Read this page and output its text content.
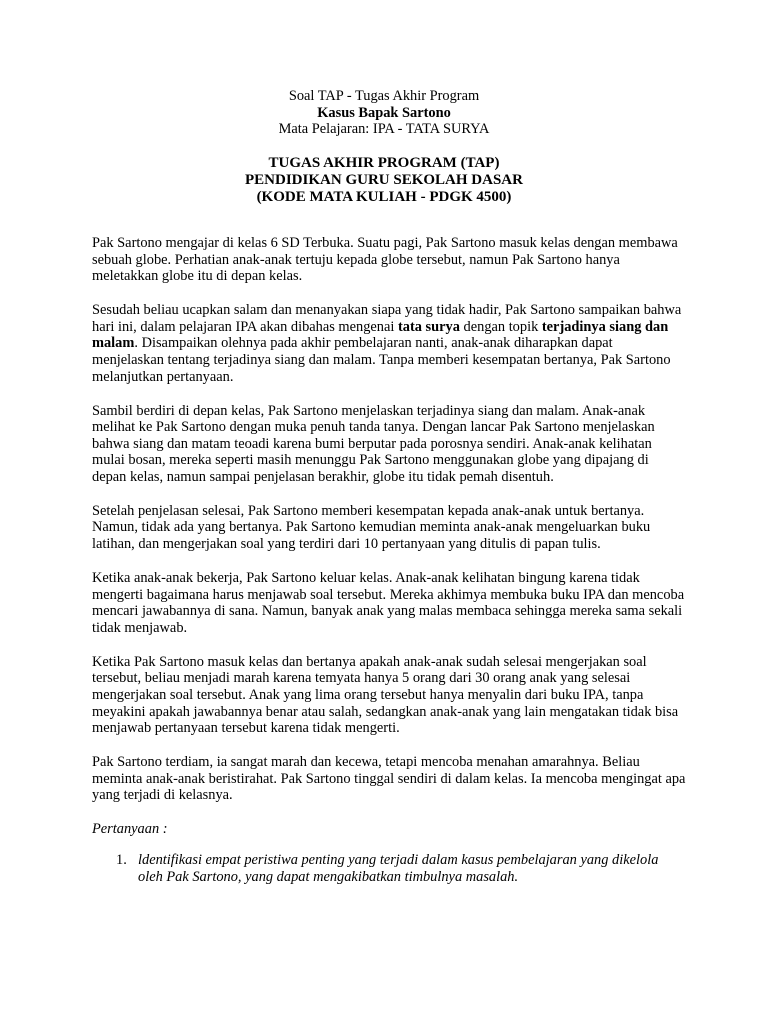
Soal TAP - Tugas Akhir Program
Kasus Bapak Sartono
Mata Pelajaran: IPA - TATA SURYA
TUGAS AKHIR PROGRAM (TAP)
PENDIDIKAN GURU SEKOLAH DASAR
(KODE MATA KULIAH - PDGK 4500)

Pak Sartono mengajar di kelas 6 SD Terbuka. Suatu pagi, Pak Sartono masuk kelas dengan membawa sebuah globe. Perhatian anak-anak tertuju kepada globe tersebut, namun Pak Sartono hanya meletakkan globe itu di depan kelas.

Sesudah beliau ucapkan salam dan menanyakan siapa yang tidak hadir, Pak Sartono sampaikan bahwa hari ini, dalam pelajaran IPA akan dibahas mengenai tata surya dengan topik terjadinya siang dan malam. Disampaikan olehnya pada akhir pembelajaran nanti, anak-anak diharapkan dapat menjelaskan tentang terjadinya siang dan malam. Tanpa memberi kesempatan bertanya, Pak Sartono melanjutkan pertanyaan.

Sambil berdiri di depan kelas, Pak Sartono menjelaskan terjadinya siang dan malam. Anak-anak melihat ke Pak Sartono dengan muka penuh tanda tanya. Dengan lancar Pak Sartono menjelaskan bahwa siang dan matam teoadi karena bumi berputar pada porosnya sendiri. Anak-anak kelihatan mulai bosan, mereka seperti masih menunggu Pak Sartono menggunakan globe yang dipajang di depan kelas, namun sampai penjelasan berakhir, globe itu tidak pemah disentuh.

Setelah penjelasan selesai, Pak Sartono memberi kesempatan kepada anak-anak untuk bertanya. Namun, tidak ada yang bertanya. Pak Sartono kemudian meminta anak-anak mengeluarkan buku latihan, dan mengerjakan soal yang terdiri dari 10 pertanyaan yang ditulis di papan tulis.

Ketika anak-anak bekerja, Pak Sartono keluar kelas. Anak-anak kelihatan bingung karena tidak mengerti bagaimana harus menjawab soal tersebut. Mereka akhimya membuka buku IPA dan mencoba mencari jawabannya di sana. Namun, banyak anak yang malas membaca sehingga mereka sama sekali tidak menjawab.

Ketika Pak Sartono masuk kelas dan bertanya apakah anak-anak sudah selesai mengerjakan soal tersebut, beliau menjadi marah karena temyata hanya 5 orang dari 30 orang anak yang selesai mengerjakan soal tersebut. Anak yang lima orang tersebut hanya menyalin dari buku IPA, tanpa meyakini apakah jawabannya benar atau salah, sedangkan anak-anak yang lain mengatakan tidak bisa menjawab pertanyaan tersebut karena tidak mengerti.

Pak Sartono terdiam, ia sangat marah dan kecewa, tetapi mencoba menahan amarahnya. Beliau meminta anak-anak beristirahat. Pak Sartono tinggal sendiri di dalam kelas. Ia mencoba mengingat apa yang terjadi di kelasnya.

Pertanyaan :

1. ldentifikasi empat peristiwa penting yang terjadi dalam kasus pembelajaran yang dikelola oleh Pak Sartono, yang dapat mengakibatkan timbulnya masalah.
